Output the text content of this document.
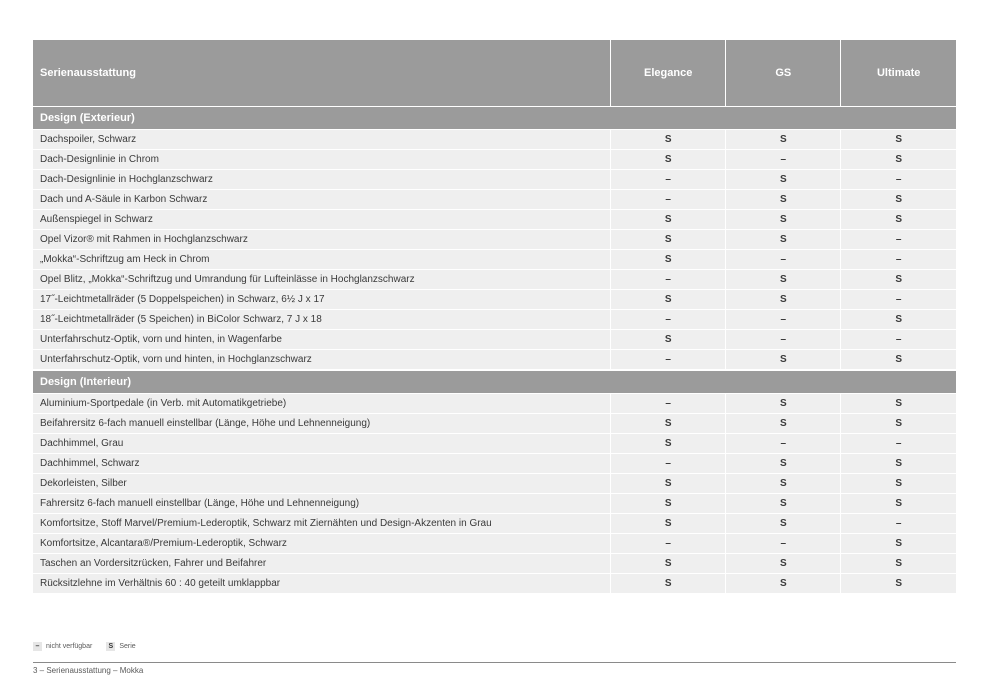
Serienausstattung	Elegance	GS	Ultimate

Design (Exterieur)			
Dachspoiler, Schwarz	S	S	S
Dach-Designlinie in Chrom	S	–	S
Dach-Designlinie in Hochglanzschwarz	–	S	–
Dach und A-Säule in Karbon Schwarz	–	S	S
Außenspiegel in Schwarz	S	S	S
Opel Vizor® mit Rahmen in Hochglanzschwarz	S	S	–
„Mokka“-Schriftzug am Heck in Chrom	S	–	–
Opel Blitz, „Mokka“-Schriftzug und Umrandung für Lufteinlässe in Hochglanzschwarz	–	S	S
17˝-Leichtmetallräder (5 Doppelspeichen) in Schwarz, 6½ J x 17	S	S	–
18˝-Leichtmetallräder (5 Speichen) in BiColor Schwarz, 7 J x 18	–	–	S
Unterfahrschutz-Optik, vorn und hinten, in Wagenfarbe	S	–	–
Unterfahrschutz-Optik, vorn und hinten, in Hochglanzschwarz	–	S	S

Design (Interieur)			
Aluminium-Sportpedale (in Verb. mit Automatikgetriebe)	–	S	S
Beifahrersitz 6-fach manuell einstellbar (Länge, Höhe und Lehnenneigung)	S	S	S
Dachhimmel, Grau	S	–	–
Dachhimmel, Schwarz	–	S	S
Dekorleisten, Silber	S	S	S
Fahrersitz 6-fach manuell einstellbar (Länge, Höhe und Lehnenneigung)	S	S	S
Komfortsitze, Stoff Marvel/Premium-Lederoptik, Schwarz mit Ziernähten und Design-Akzenten in Grau	S	S	–
Komfortsitze, Alcantara®/Premium-Lederoptik, Schwarz	–	–	S
Taschen an Vordersitzrücken, Fahrer und Beifahrer	S	S	S
Rücksitzlehne im Verhältnis 60 : 40 geteilt umklappbar	S	S	S
– nicht verfügbar	S Serie
3 – Serienausstattung – Mokka
